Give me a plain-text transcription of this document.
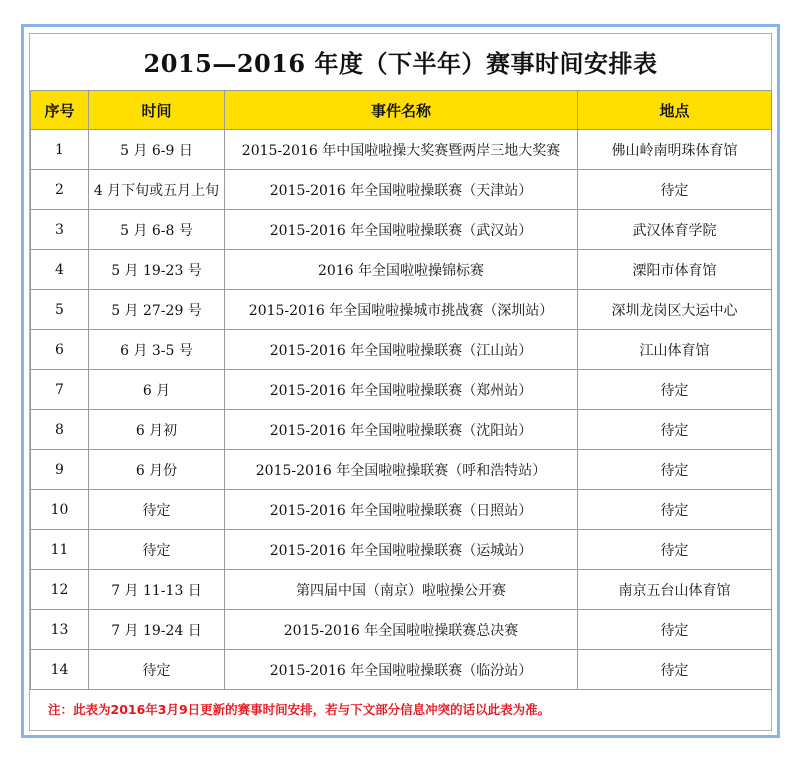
2015—2016 年度（下半年）赛事时间安排表
序号	时间	事件名称	地点
1	5 月 6-9 日	2015-2016 年中国啦啦操大奖赛暨两岸三地大奖赛	佛山岭南明珠体育馆
2	4 月下旬或五月上旬	2015-2016 年全国啦啦操联赛（天津站）	待定
3	5 月 6-8 号	2015-2016 年全国啦啦操联赛（武汉站）	武汉体育学院
4	5 月 19-23 号	2016 年全国啦啦操锦标赛	溧阳市体育馆
5	5 月 27-29 号	2015-2016 年全国啦啦操城市挑战赛（深圳站）	深圳龙岗区大运中心
6	6 月 3-5 号	2015-2016 年全国啦啦操联赛（江山站）	江山体育馆
7	6 月	2015-2016 年全国啦啦操联赛（郑州站）	待定
8	6 月初	2015-2016 年全国啦啦操联赛（沈阳站）	待定
9	6 月份	2015-2016 年全国啦啦操联赛（呼和浩特站）	待定
10	待定	2015-2016 年全国啦啦操联赛（日照站）	待定
11	待定	2015-2016 年全国啦啦操联赛（运城站）	待定
12	7 月 11-13 日	第四届中国（南京）啦啦操公开赛	南京五台山体育馆
13	7 月 19-24 日	2015-2016 年全国啦啦操联赛总决赛	待定
14	待定	2015-2016 年全国啦啦操联赛（临汾站）	待定
注：此表为2016年3月9日更新的赛事时间安排，若与下文部分信息冲突的话以此表为准。
